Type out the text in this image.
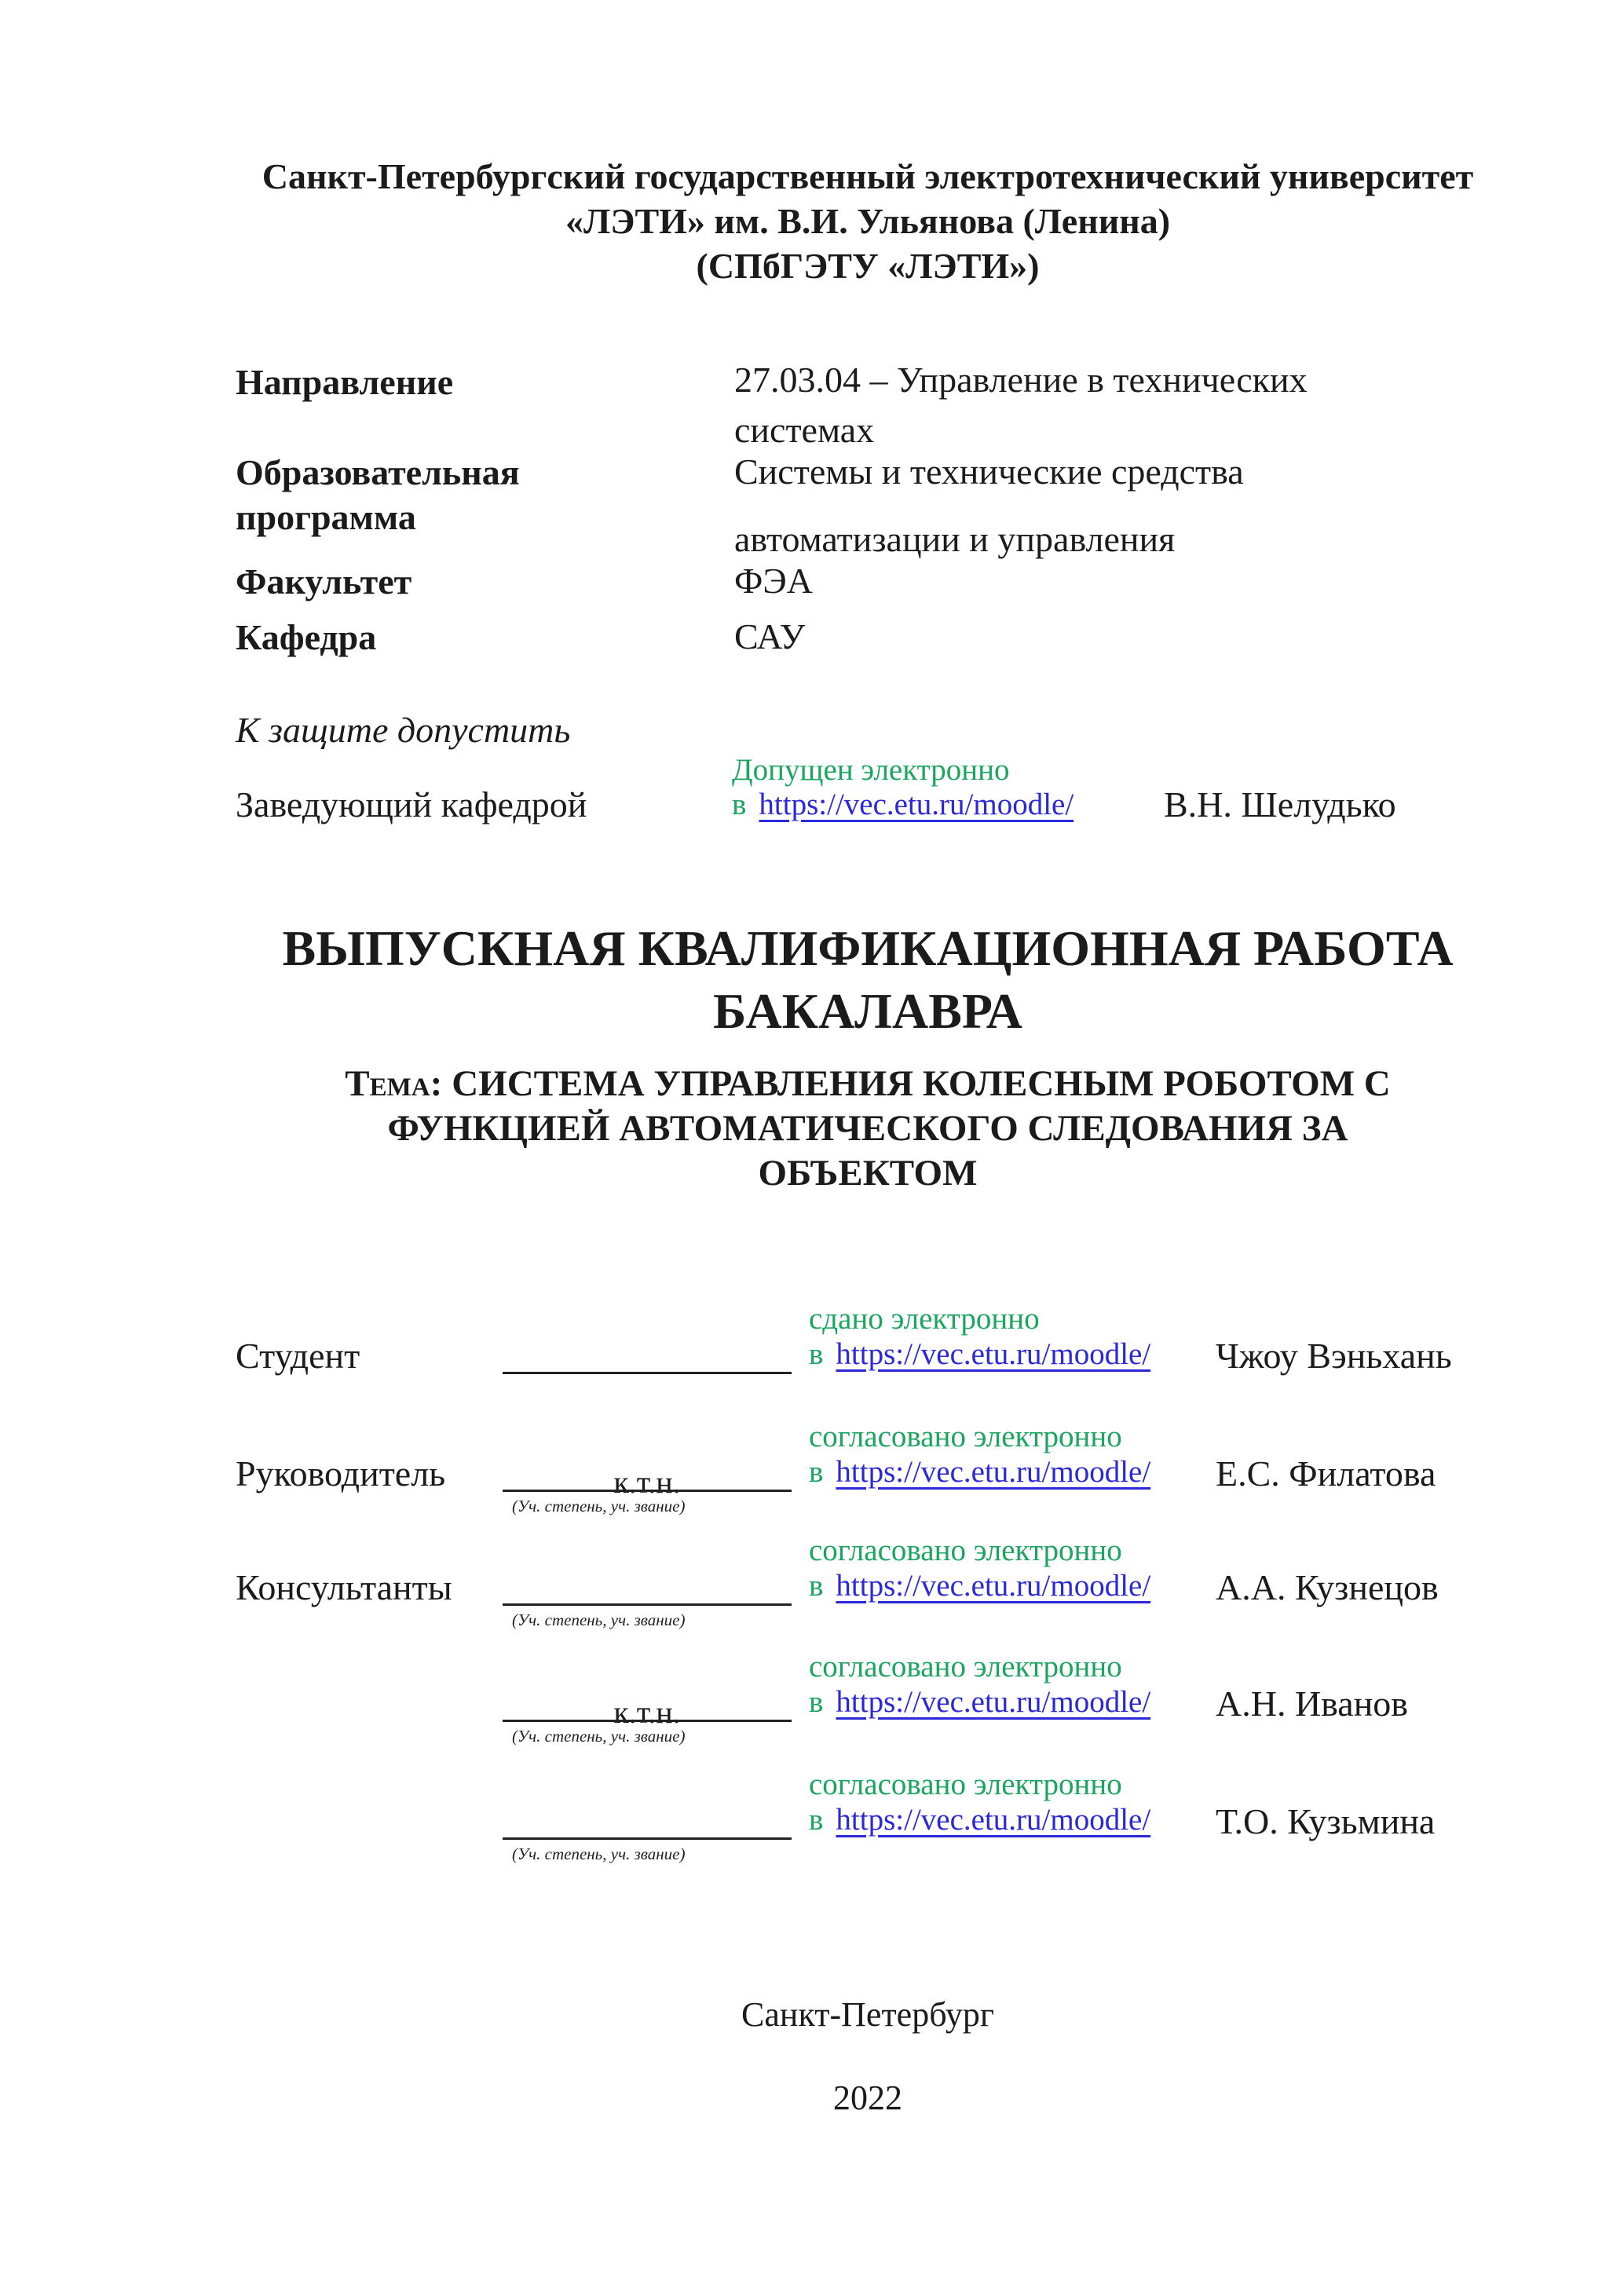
Санкт-Петербургский государственный электротехнический университет
«ЛЭТИ» им. В.И. Ульянова (Ленина)
(СПбГЭТУ «ЛЭТИ»)
Направление	27.03.04 – Управление в технических системах
Образовательная программа
Системы и технические средства автоматизации и управления
Факультет	ФЭА
Кафедра	САУ
К защите допустить
Заведующий кафедрой
Допущен электронно
в https://vec.etu.ru/moodle/ В.Н. Шелудько
ВЫПУСКНАЯ КВАЛИФИКАЦИОННАЯ РАБОТА
БАКАЛАВРА
Тема: СИСТЕМА УПРАВЛЕНИЯ КОЛЕСНЫМ РОБОТОМ С
ФУНКЦИЕЙ АВТОМАТИЧЕСКОГО СЛЕДОВАНИЯ ЗА
ОБЪЕКТОМ
Студент
сдано электронно
в https://vec.etu.ru/moodle/ Чжоу Вэньхань
Руководитель	к.т.н.
(Уч. степень, уч. звание)
согласовано электронно
в https://vec.etu.ru/moodle/ Е.С. Филатова
Консультанты
(Уч. степень, уч. звание)
согласовано электронно
в https://vec.etu.ru/moodle/ А.А. Кузнецов
к.т.н.
(Уч. степень, уч. звание)
согласовано электронно
в https://vec.etu.ru/moodle/ А.Н. Иванов
(Уч. степень, уч. звание)
согласовано электронно
в https://vec.etu.ru/moodle/ Т.О. Кузьмина
Санкт-Петербург
2022
